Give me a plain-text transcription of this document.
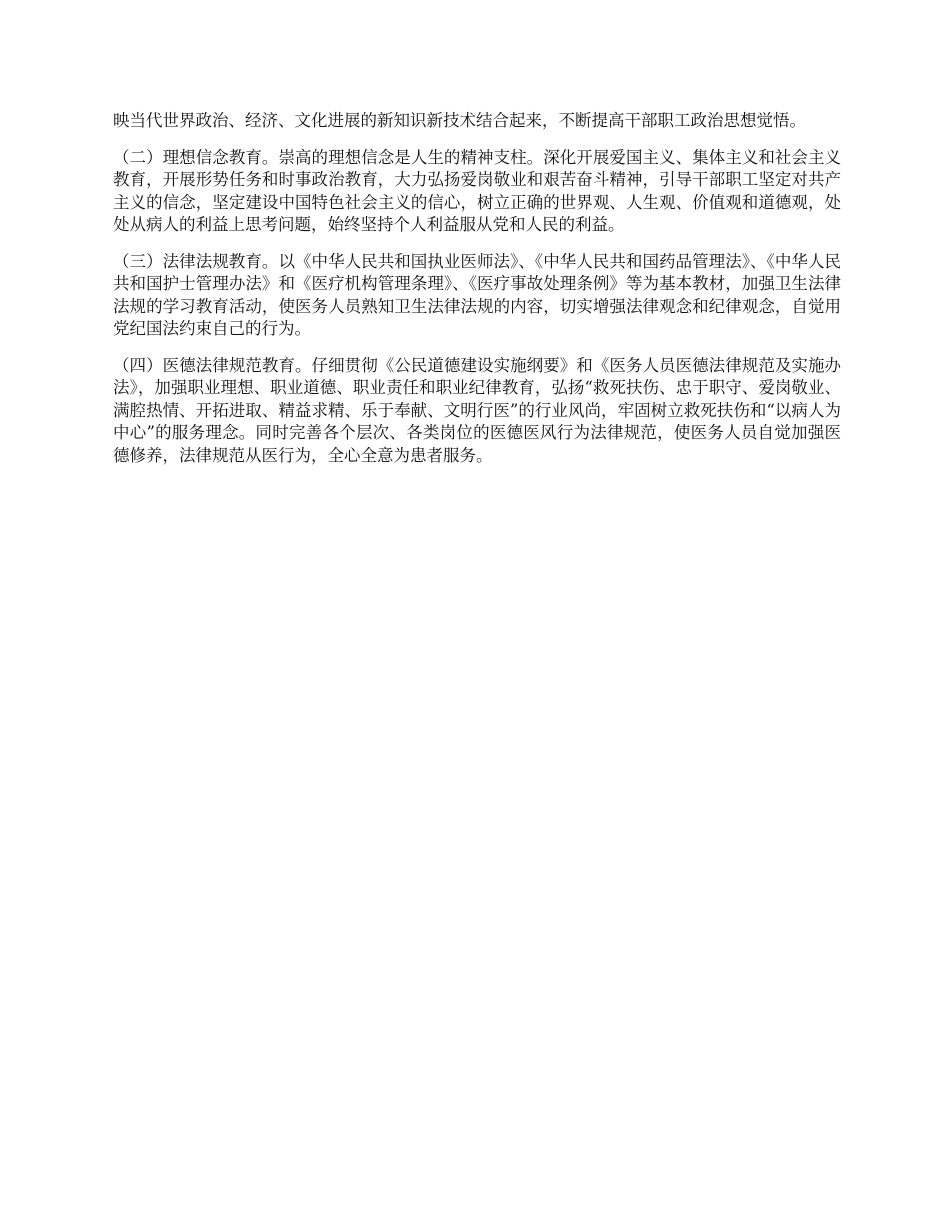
映当代世界政治、经济、文化进展的新知识新技术结合起来，不断提高干部职工政治思想觉悟。

（二）理想信念教育。崇高的理想信念是人生的精神支柱。深化开展爱国主义、集体主义和社会主义教育，开展形势任务和时事政治教育，大力弘扬爱岗敬业和艰苦奋斗精神，引导干部职工坚定对共产主义的信念，坚定建设中国特色社会主义的信心，树立正确的世界观、人生观、价值观和道德观，处处从病人的利益上思考问题，始终坚持个人利益服从党和人民的利益。

（三）法律法规教育。以《中华人民共和国执业医师法》、《中华人民共和国药品管理法》、《中华人民共和国护士管理办法》和《医疗机构管理条理》、《医疗事故处理条例》等为基本教材，加强卫生法律法规的学习教育活动，使医务人员熟知卫生法律法规的内容，切实增强法律观念和纪律观念，自觉用党纪国法约束自己的行为。

（四）医德法律规范教育。仔细贯彻《公民道德建设实施纲要》和《医务人员医德法律规范及实施办法》，加强职业理想、职业道德、职业责任和职业纪律教育，弘扬“救死扶伤、忠于职守、爱岗敬业、满腔热情、开拓进取、精益求精、乐于奉献、文明行医”的行业风尚，牢固树立救死扶伤和“以病人为中心”的服务理念。同时完善各个层次、各类岗位的医德医风行为法律规范，使医务人员自觉加强医德修养，法律规范从医行为，全心全意为患者服务。
